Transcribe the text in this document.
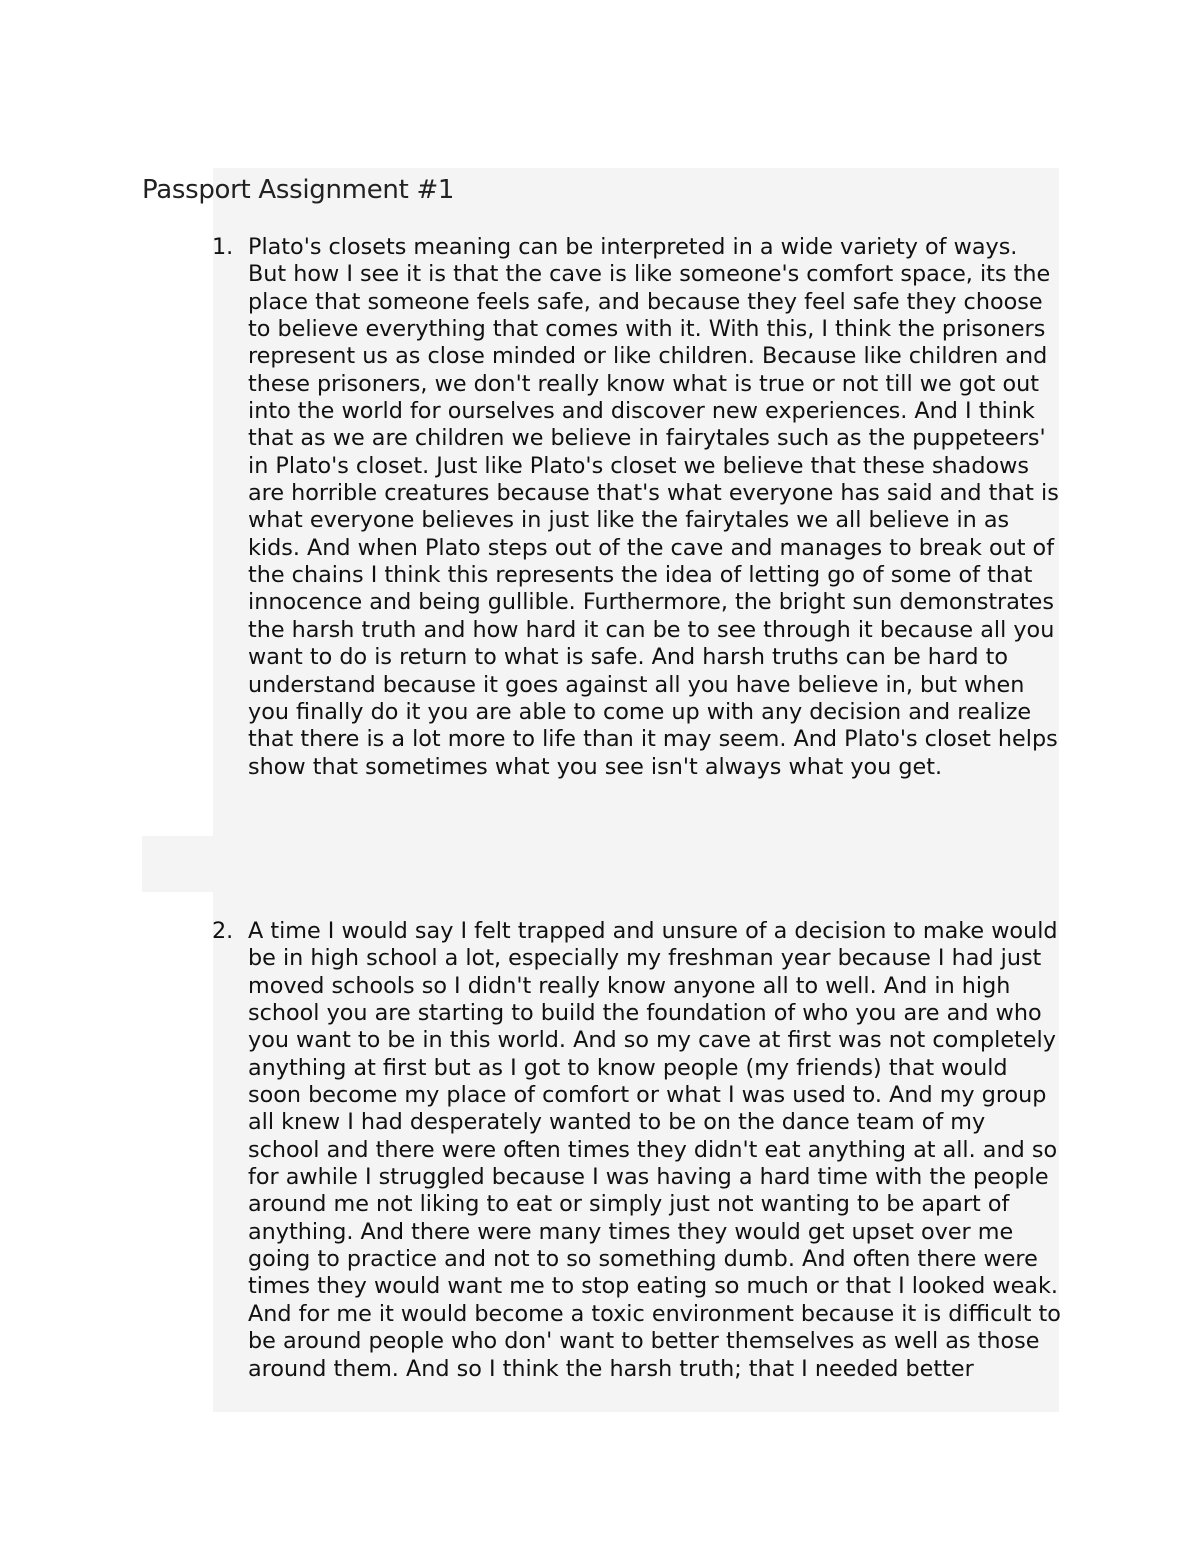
Passport Assignment #1
1. Plato's closets meaning can be interpreted in a wide variety of ways. But how I see it is that the cave is like someone's comfort space, its the place that someone feels safe, and because they feel safe they choose to believe everything that comes with it. With this, I think the prisoners represent us as close minded or like children. Because like children and these prisoners, we don't really know what is true or not till we got out into the world for ourselves and discover new experiences. And I think that as we are children we believe in fairytales such as the puppeteers' in Plato's closet. Just like Plato's closet we believe that these shadows are horrible creatures because that's what everyone has said and that is what everyone believes in just like the fairytales we all believe in as kids. And when Plato steps out of the cave and manages to break out of the chains I think this represents the idea of letting go of some of that innocence and being gullible. Furthermore, the bright sun demonstrates the harsh truth and how hard it can be to see through it because all you want to do is return to what is safe. And harsh truths can be hard to understand because it goes against all you have believe in, but when you finally do it you are able to come up with any decision and realize that there is a lot more to life than it may seem. And Plato's closet helps show that sometimes what you see isn't always what you get.

2. A time I would say I felt trapped and unsure of a decision to make would be in high school a lot, especially my freshman year because I had just moved schools so I didn't really know anyone all to well. And in high school you are starting to build the foundation of who you are and who you want to be in this world. And so my cave at first was not completely anything at first but as I got to know people (my friends) that would soon become my place of comfort or what I was used to. And my group all knew I had desperately wanted to be on the dance team of my school and there were often times they didn't eat anything at all. and so for awhile I struggled because I was having a hard time with the people around me not liking to eat or simply just not wanting to be apart of anything. And there were many times they would get upset over me going to practice and not to so something dumb. And often there were times they would want me to stop eating so much or that I looked weak. And for me it would become a toxic environment because it is difficult to be around people who don' want to better themselves as well as those around them. And so I think the harsh truth; that I needed better
